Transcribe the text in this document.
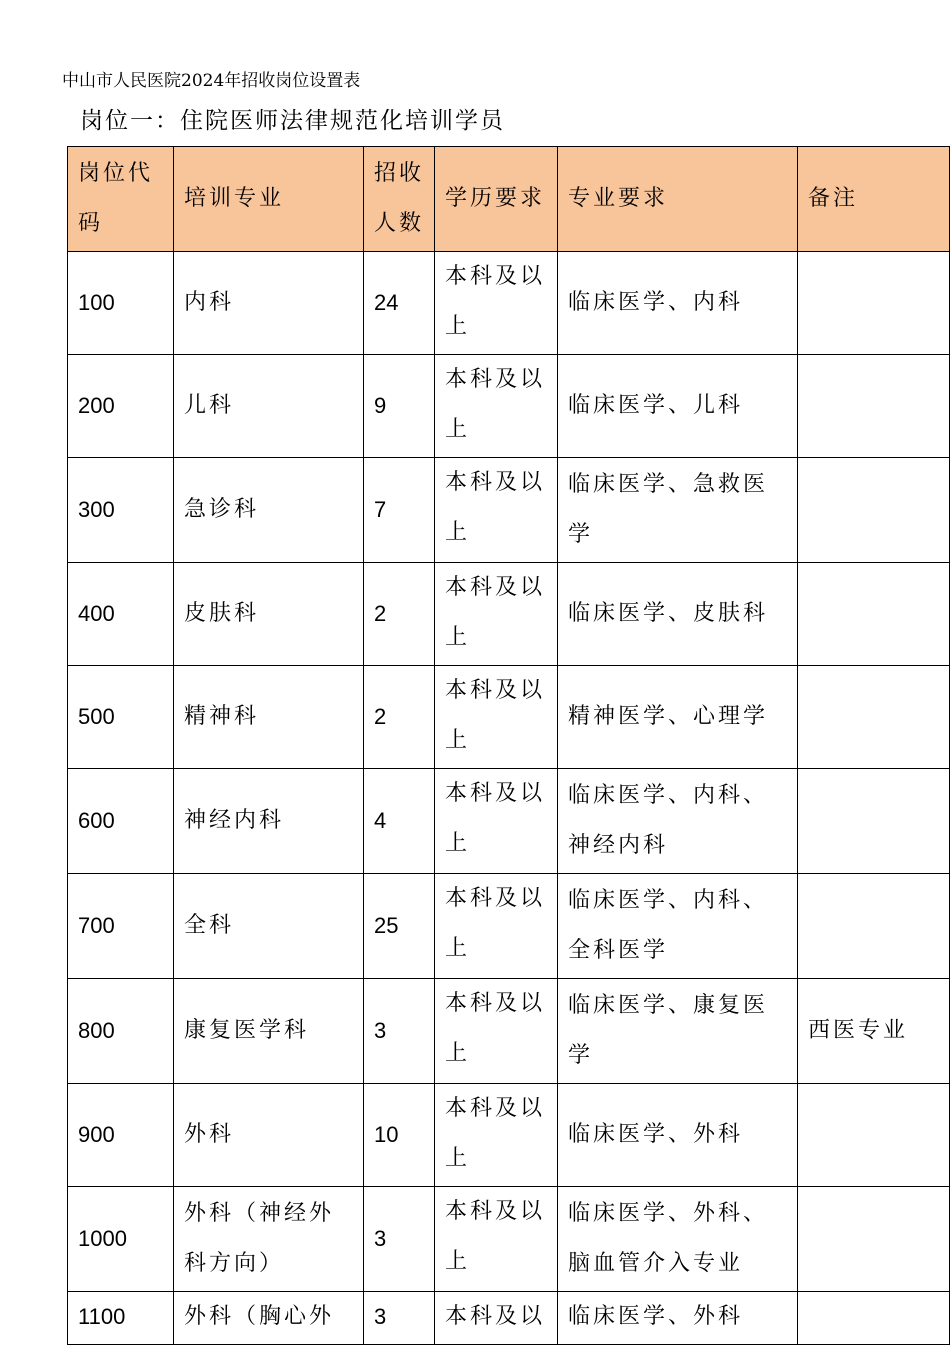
中山市人民医院2024年招收岗位设置表
岗位一：住院医师法律规范化培训学员
岗位代码	培训专业	招收人数	学历要求	专业要求	备注
100	内科	24	本科及以上	临床医学、内科	
200	儿科	9	本科及以上	临床医学、儿科	
300	急诊科	7	本科及以上	临床医学、急救医学	
400	皮肤科	2	本科及以上	临床医学、皮肤科	
500	精神科	2	本科及以上	精神医学、心理学	
600	神经内科	4	本科及以上	临床医学、内科、神经内科	
700	全科	25	本科及以上	临床医学、内科、全科医学	
800	康复医学科	3	本科及以上	临床医学、康复医学	西医专业
900	外科	10	本科及以上	临床医学、外科	
1000	外科（神经外科方向）	3	本科及以上	临床医学、外科、脑血管介入专业	
1100	外科（胸心外	3	本科及以	临床医学、外科	
